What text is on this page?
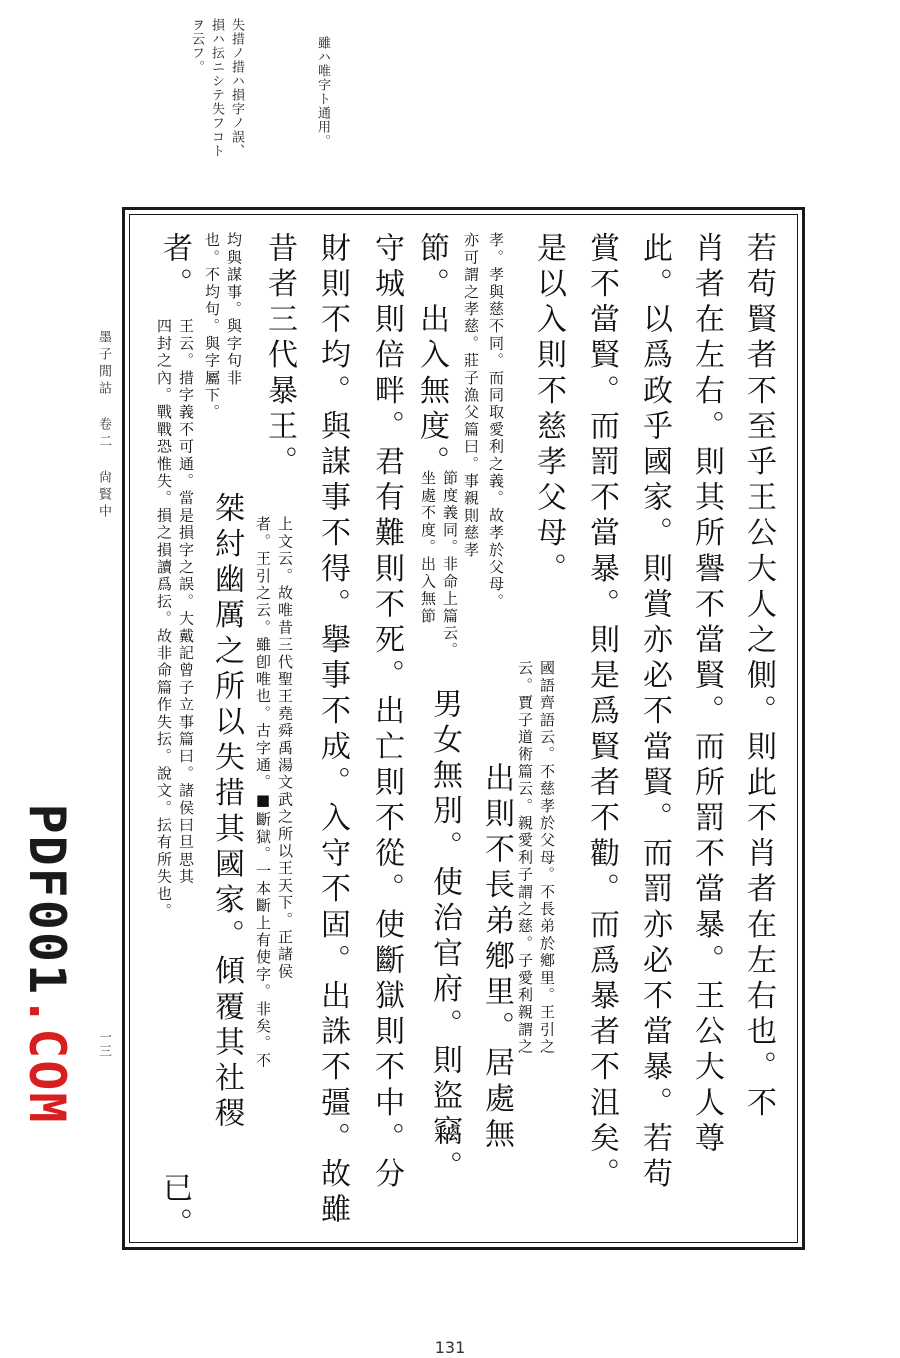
雖ハ唯字ト通用。
失措ノ措ハ損字ノ誤、
損ハ抎ニシテ失フコト
ヲ云フ。
若苟賢者不至乎王公大人之側。則此不肖者在左右也。不
肖者在左右。則其所譽不當賢。而所罰不當暴。王公大人尊
此。以爲政乎國家。則賞亦必不當賢。而罰亦必不當暴。若苟
賞不當賢。而罰不當暴。則是爲賢者不勸。而爲暴者不沮矣。
是以入則不慈孝父母。
國語齊語云。不慈孝於父母。不長弟於鄕里。王引之
云。賈子道術篇云。親愛利子謂之慈。子愛利親謂之
出則不長弟鄕里。居處無
孝。孝與慈不同。而同取愛利之義。故孝於父母。
亦可謂之孝慈。莊子漁父篇曰。事親則慈孝
節。出入無度。
節度義同。非命上篇云。
坐處不度。出入無節
男女無別。使治官府。則盜竊。
守城則倍畔。君有難則不死。出亡則不從。使斷獄則不中。分
財則不均。與謀事不得。擧事不成。入守不固。出誅不彊。故雖
昔者三代暴王。
上文云。故唯昔三代聖王堯舜禹湯文武之所以王天下。正諸侯
者。王引之云。雖卽唯也。古字通。■斷獄。一本斷上有使字。非矣。不
均與謀事。與字句非
也。不均句。與字屬下。
桀紂幽厲之所以失措其國家。傾覆其社稷
者。
王云。措字義不可通。當是損字之誤。大戴記曾子立事篇曰。諸侯曰旦思其
四封之內。戰戰恐惟失。損之損讀爲抎。故非命篇作失抎。說文。抎有所失也。
已。
墨子閒詁 卷二 尙賢中
一三
PDF001.COM
131
